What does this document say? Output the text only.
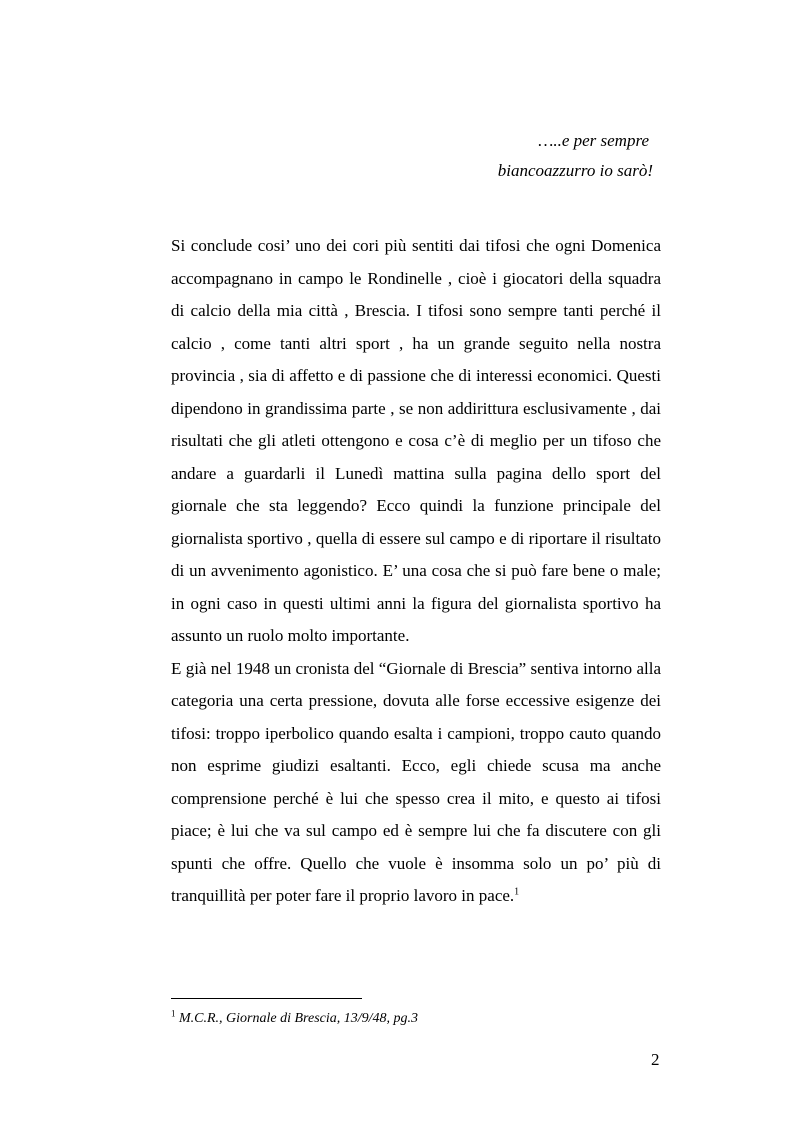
…..e per sempre
biancoazzurro io sarò!

Si conclude cosi’ uno dei cori più sentiti dai tifosi che ogni Domenica accompagnano in campo le Rondinelle , cioè i giocatori della squadra di calcio della mia città , Brescia. I tifosi sono sempre tanti perché il calcio , come tanti altri sport , ha un grande seguito nella nostra provincia , sia di affetto e di passione che di interessi economici. Questi dipendono in grandissima parte , se non addirittura esclusivamente , dai risultati che gli atleti ottengono e cosa c’è di meglio per un tifoso che andare a guardarli il Lunedì mattina sulla pagina dello sport del giornale che sta leggendo? Ecco quindi la funzione principale del giornalista sportivo , quella di essere sul campo e di riportare il risultato di un avvenimento agonistico. E’ una cosa che si può fare bene o male; in ogni caso in questi ultimi anni la figura del giornalista sportivo ha assunto un ruolo molto importante.

E già nel 1948 un cronista del “Giornale di Brescia” sentiva intorno alla categoria una certa pressione, dovuta alle forse eccessive esigenze dei tifosi: troppo iperbolico quando esalta i campioni, troppo cauto quando non esprime giudizi esaltanti. Ecco, egli chiede scusa ma anche comprensione perché è lui che spesso crea il mito, e questo ai tifosi piace; è lui che va sul campo ed è sempre lui che fa discutere con gli spunti che offre. Quello che vuole è insomma solo un po’ più di tranquillità per poter fare il proprio lavoro in pace.$^1$

$^1$ M.C.R., Giornale di Brescia, 13/9/48, pg.3
2
